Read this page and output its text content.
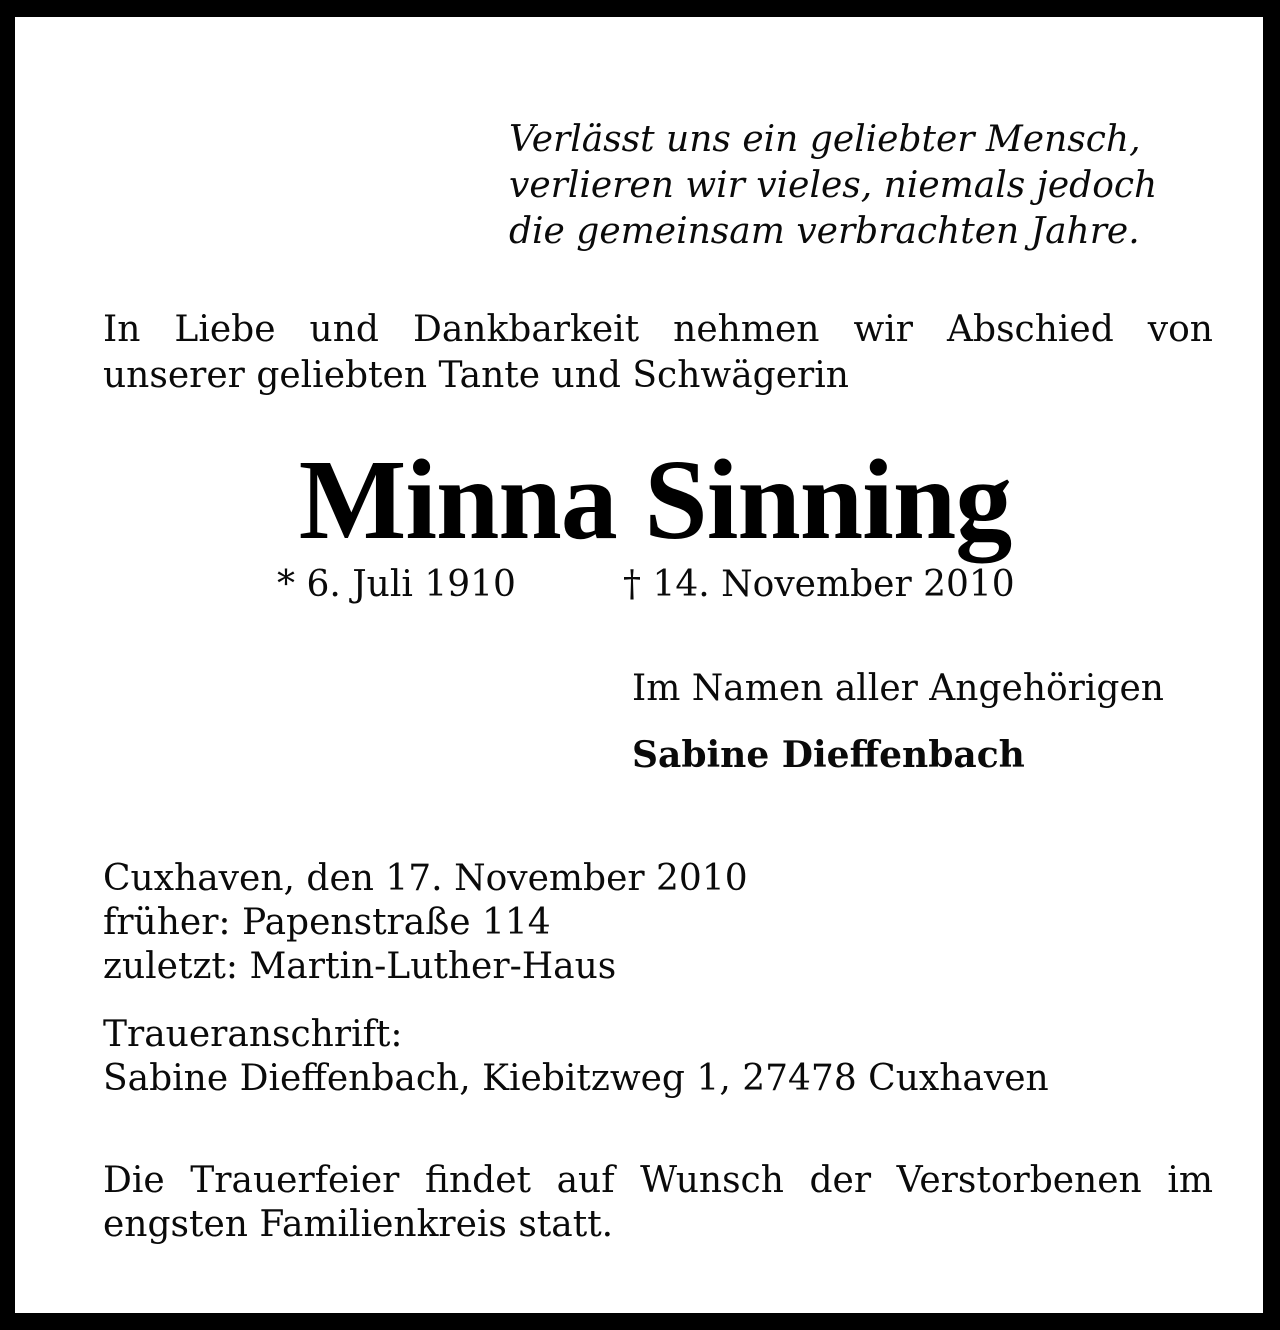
Verlässt uns ein geliebter Mensch,
verlieren wir vieles, niemals jedoch
die gemeinsam verbrachten Jahre.
In Liebe und Dankbarkeit nehmen wir Abschied von
unserer geliebten Tante und Schwägerin
Minna Sinning
* 6. Juli 1910	† 14. November 2010
Im Namen aller Angehörigen
Sabine Dieffenbach
Cuxhaven, den 17. November 2010
früher: Papenstraße 114
zuletzt: Martin-Luther-Haus
Traueranschrift:
Sabine Dieffenbach, Kiebitzweg 1, 27478 Cuxhaven
Die Trauerfeier findet auf Wunsch der Verstorbenen im
engsten Familienkreis statt.
